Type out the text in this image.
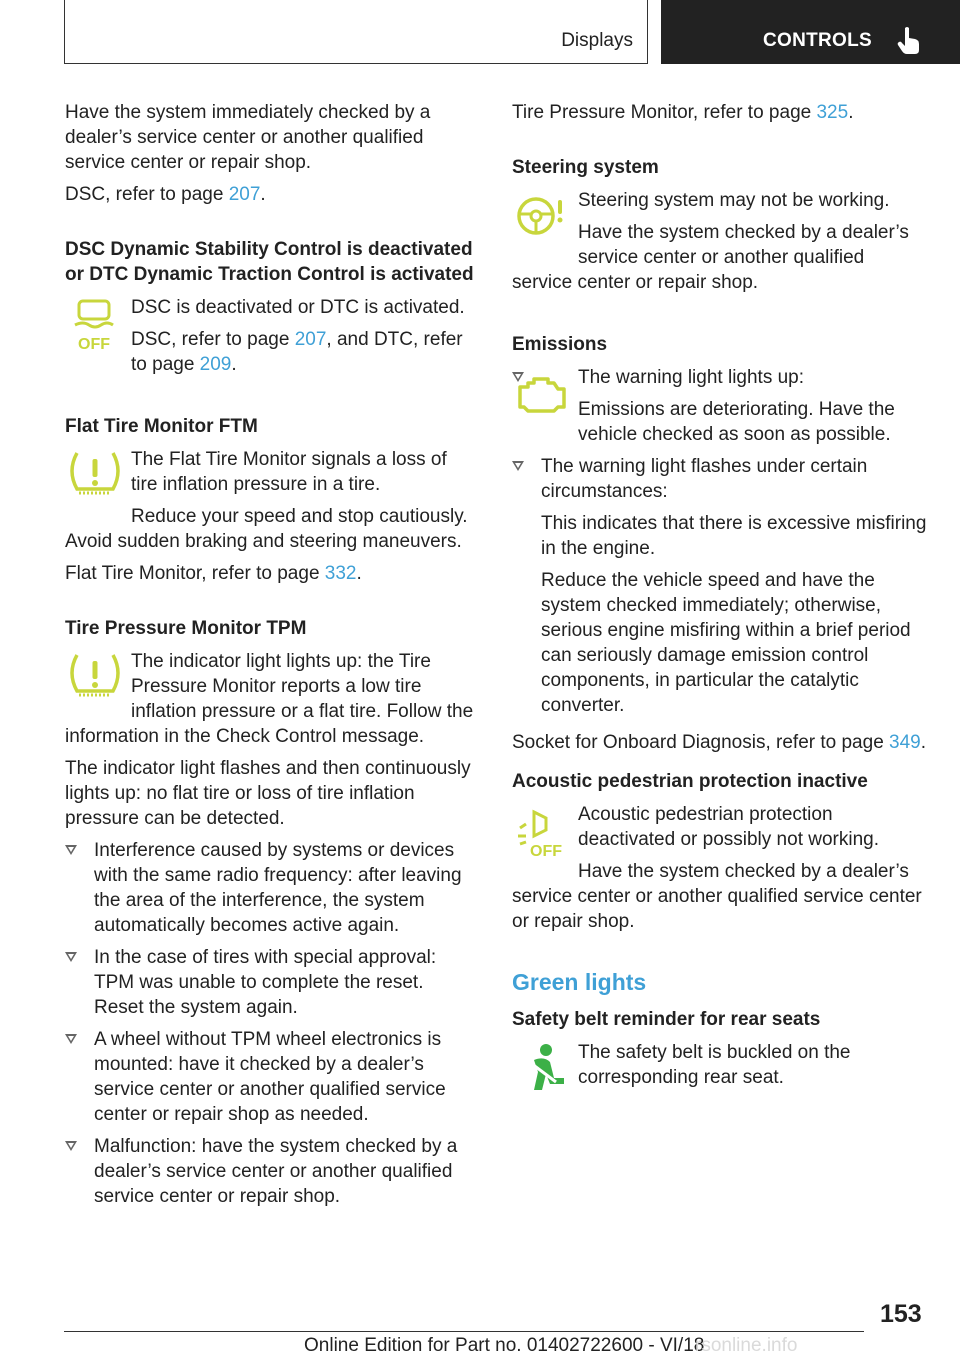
Displays	CONTROLS

Have the system immediately checked by a dealer’s service center or another qualified service center or repair shop.

DSC, refer to page 207.

DSC Dynamic Stability Control is deactivated or DTC Dynamic Traction Control is activated
OFF

DSC is deactivated or DTC is activated.

DSC, refer to page 207, and DTC, refer to page 209.

Flat Tire Monitor FTM

The Flat Tire Monitor signals a loss of tire inflation pressure in a tire.

Reduce your speed and stop cautiously. Avoid sudden braking and steering maneuvers.

Flat Tire Monitor, refer to page 332.

Tire Pressure Monitor TPM

The indicator light lights up: the Tire Pressure Monitor reports a low tire inflation pressure or a flat tire. Follow the information in the Check Control message.

The indicator light flashes and then continuously lights up: no flat tire or loss of tire inflation pressure can be detected.

Interference caused by systems or devices with the same radio frequency: after leaving the area of the interference, the system automatically becomes active again.
In the case of tires with special approval: TPM was unable to complete the reset. Reset the system again.
A wheel without TPM wheel electronics is mounted: have it checked by a dealer’s service center or another qualified service center or repair shop as needed.
Malfunction: have the system checked by a dealer’s service center or another qualified service center or repair shop.

Tire Pressure Monitor, refer to page 325.

Steering system

Steering system may not be working.

Have the system checked by a dealer’s service center or another qualified service center or repair shop.

Emissions

The warning light lights up:

Emissions are deteriorating. Have the vehicle checked as soon as possible.

The warning light flashes under certain circumstances:

This indicates that there is excessive misfiring in the engine.

Reduce the vehicle speed and have the system checked immediately; otherwise, serious engine misfiring within a brief period can seriously damage emission control components, in particular the catalytic converter.

Socket for Onboard Diagnosis, refer to page 349.

Acoustic pedestrian protection inactive
OFF

Acoustic pedestrian protection deactivated or possibly not working.

Have the system checked by a dealer’s service center or another qualified service center or repair shop.

Green lights
Safety belt reminder for rear seats

The safety belt is buckled on the corresponding rear seat.

153
Online Edition for Part no. 01402722600 - VI/18
rsonline.info
